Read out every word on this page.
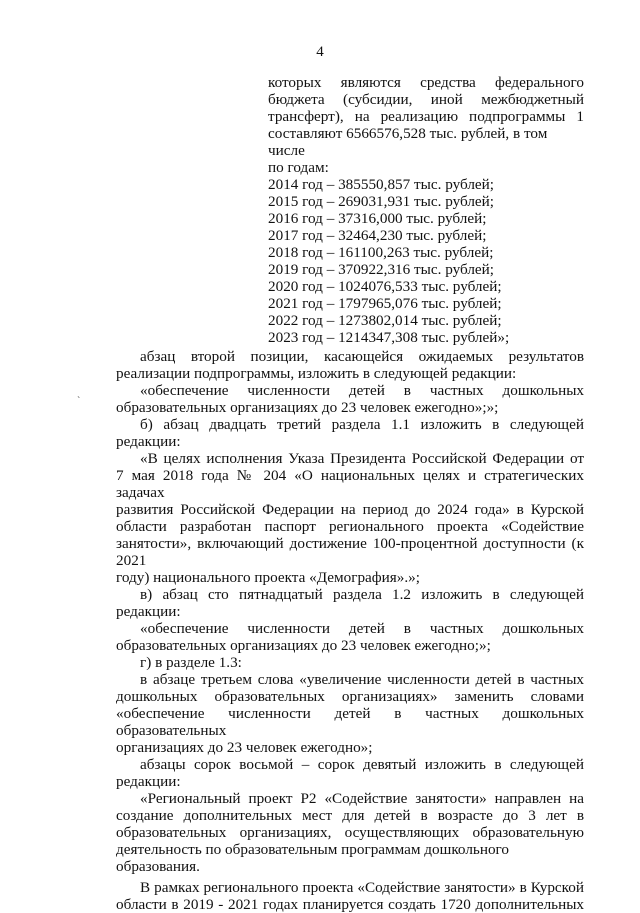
4
`

которых являются средства федерального

бюджета (субсидии, иной межбюджетный

трансферт), на реализацию подпрограммы 1

составляют 6566576,528 тыс. рублей, в том числе

по годам:

2014 год – 385550,857 тыс. рублей;
2015 год – 269031,931 тыс. рублей;
2016 год – 37316,000 тыс. рублей;
2017 год – 32464,230 тыс. рублей;
2018 год – 161100,263 тыс. рублей;
2019 год – 370922,316 тыс. рублей;
2020 год – 1024076,533 тыс. рублей;
2021 год – 1797965,076 тыс. рублей;
2022 год – 1273802,014 тыс. рублей;
2023 год – 1214347,308 тыс. рублей»;

абзац второй позиции, касающейся ожидаемых результатов

реализации подпрограммы, изложить в следующей редакции:

«обеспечение численности детей в частных дошкольных

образовательных организациях до 23 человек ежегодно»;»;

б) абзац двадцать третий раздела 1.1 изложить в следующей

редакции:

«В целях исполнения Указа Президента Российской Федерации от

7 мая 2018 года № 204 «О национальных целях и стратегических задачах

развития Российской Федерации на период до 2024 года» в Курской

области разработан паспорт регионального проекта «Содействие

занятости», включающий достижение 100-процентной доступности (к 2021

году) национального проекта «Демография».»;

в) абзац сто пятнадцатый раздела 1.2 изложить в следующей

редакции:

«обеспечение численности детей в частных дошкольных

образовательных организациях до 23 человек ежегодно;»;

г) в разделе 1.3:

в абзаце третьем слова «увеличение численности детей в частных

дошкольных образовательных организациях» заменить словами

«обеспечение численности детей в частных дошкольных образовательных

организациях до 23 человек ежегодно»;

абзацы сорок восьмой – сорок девятый изложить в следующей

редакции:

«Региональный проект Р2 «Содействие занятости» направлен на

создание дополнительных мест для детей в возрасте до 3 лет в

образовательных организациях, осуществляющих образовательную

деятельность по образовательным программам дошкольного образования.

В рамках регионального проекта «Содействие занятости» в Курской

области в 2019 - 2021 годах планируется создать 1720 дополнительных
